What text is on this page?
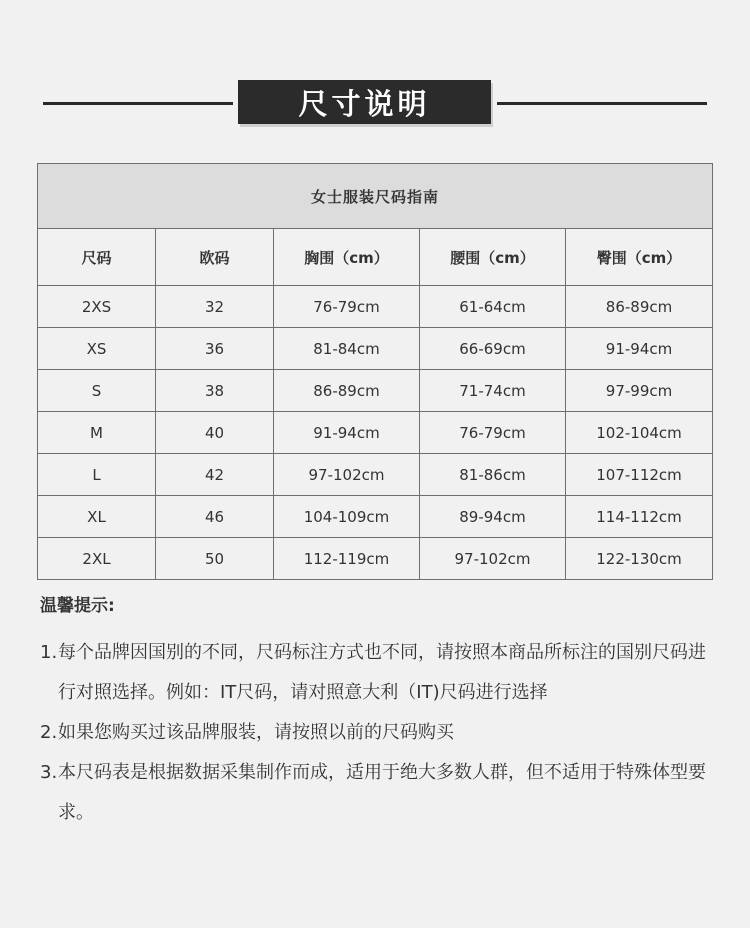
尺寸说明
女士服装尺码指南				
尺码	欧码	胸围（cm）	腰围（cm）	臀围（cm）
2XS	32	76-79cm	61-64cm	86-89cm
XS	36	81-84cm	66-69cm	91-94cm
S	38	86-89cm	71-74cm	97-99cm
M	40	91-94cm	76-79cm	102-104cm
L	42	97-102cm	81-86cm	107-112cm
XL	46	104-109cm	89-94cm	114-112cm
2XL	50	112-119cm	97-102cm	122-130cm
温馨提示:
1. 每个品牌因国别的不同，尺码标注方式也不同，请按照本商品所标注的国别尺码进行对照选择。例如：IT尺码，请对照意大利（IT)尺码进行选择
2. 如果您购买过该品牌服装，请按照以前的尺码购买
3. 本尺码表是根据数据采集制作而成，适用于绝大多数人群，但不适用于特殊体型要求。
